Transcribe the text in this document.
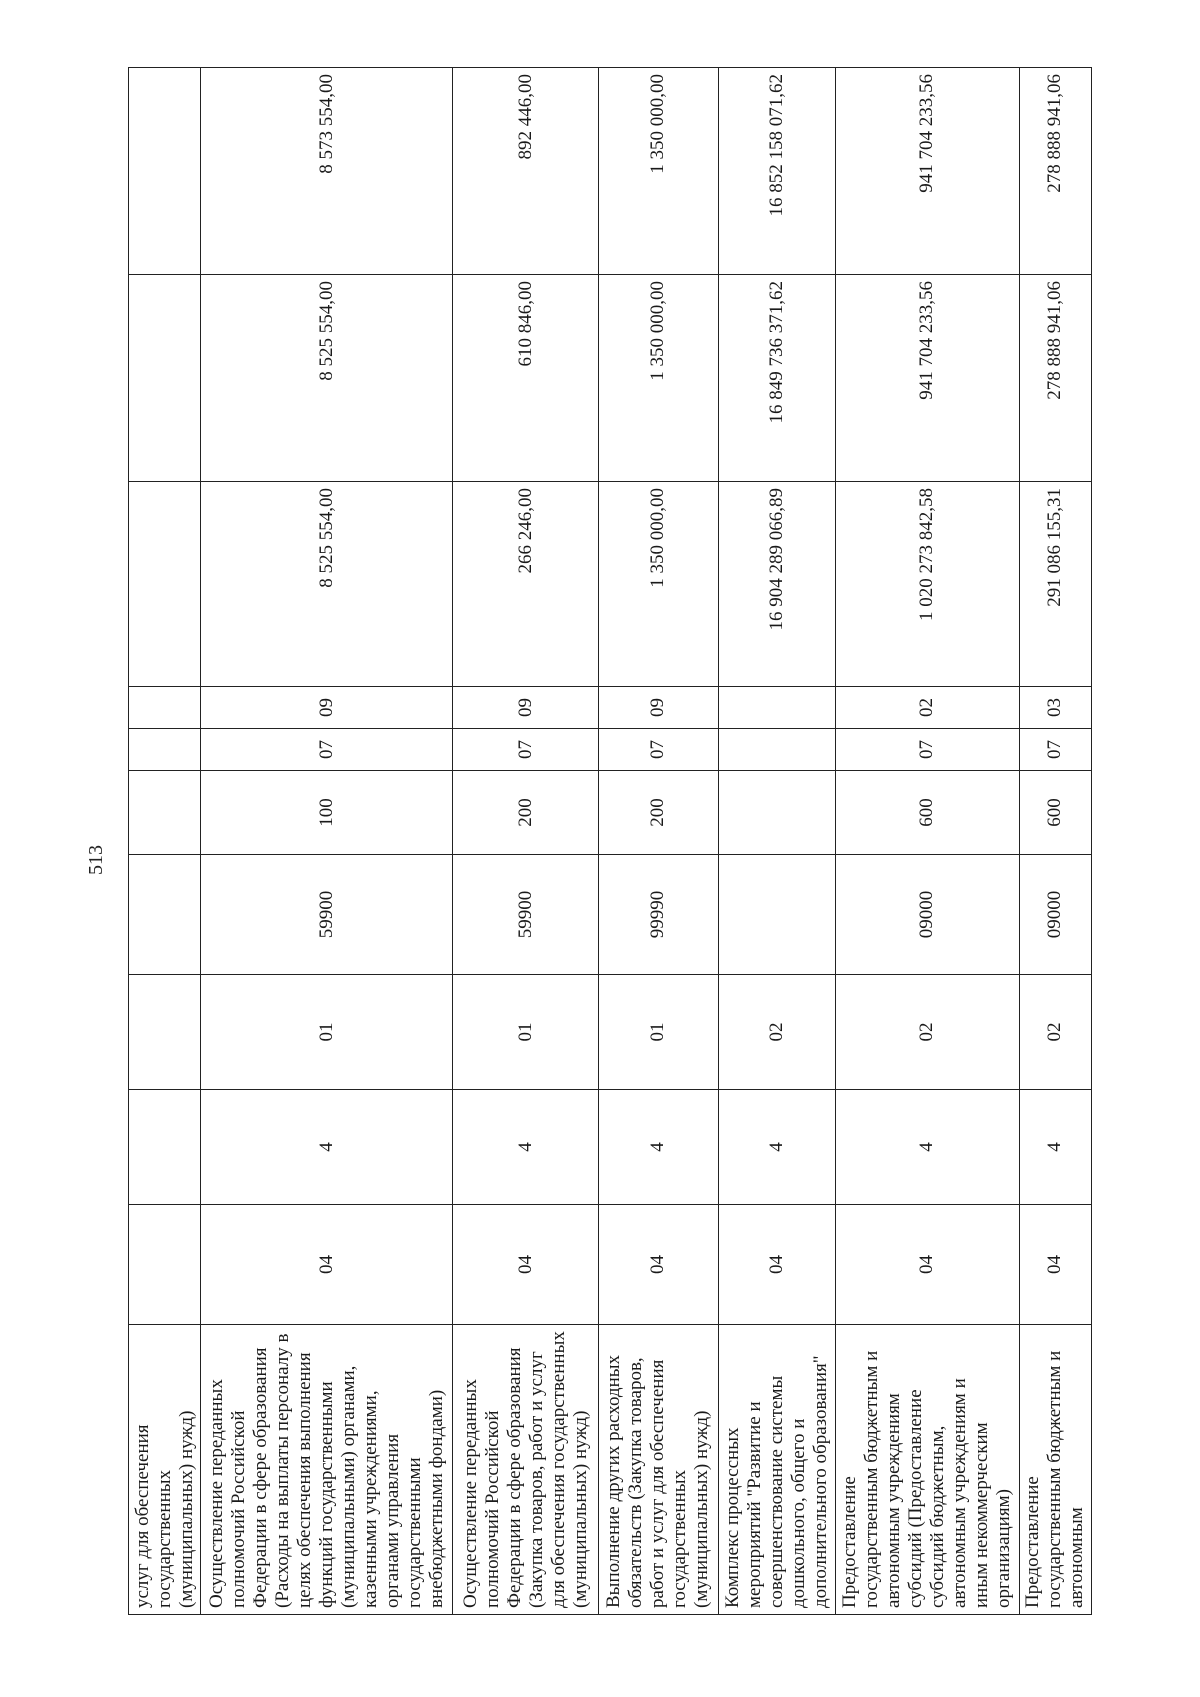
513
услуг для обеспечения государственных (муниципальных) нужд)										
Осуществление переданных полномочий Российской Федерации в сфере образования (Расходы на выплаты персоналу в целях обеспечения выполнения функций государственными (муниципальными) органами, казенными учреждениями, органами управления государственными внебюджетными фондами)	04	4	01	59900	100	07	09	8 525 554,00	8 525 554,00	8 573 554,00
Осуществление переданных полномочий Российской Федерации в сфере образования (Закупка товаров, работ и услуг для обеспечения государственных (муниципальных) нужд)	04	4	01	59900	200	07	09	266 246,00	610 846,00	892 446,00
Выполнение других расходных обязательств (Закупка товаров, работ и услуг для обеспечения государственных (муниципальных) нужд)	04	4	01	99990	200	07	09	1 350 000,00	1 350 000,00	1 350 000,00
Комплекс процессных мероприятий "Развитие и совершенствование системы дошкольного, общего и дополнительного образования"	04	4	02					16 904 289 066,89	16 849 736 371,62	16 852 158 071,62
Предоставление государственным бюджетным и автономным учреждениям субсидий (Предоставление субсидий бюджетным, автономным учреждениям и иным некоммерческим организациям)	04	4	02	09000	600	07	02	1 020 273 842,58	941 704 233,56	941 704 233,56
Предоставление государственным бюджетным и автономным	04	4	02	09000	600	07	03	291 086 155,31	278 888 941,06	278 888 941,06
